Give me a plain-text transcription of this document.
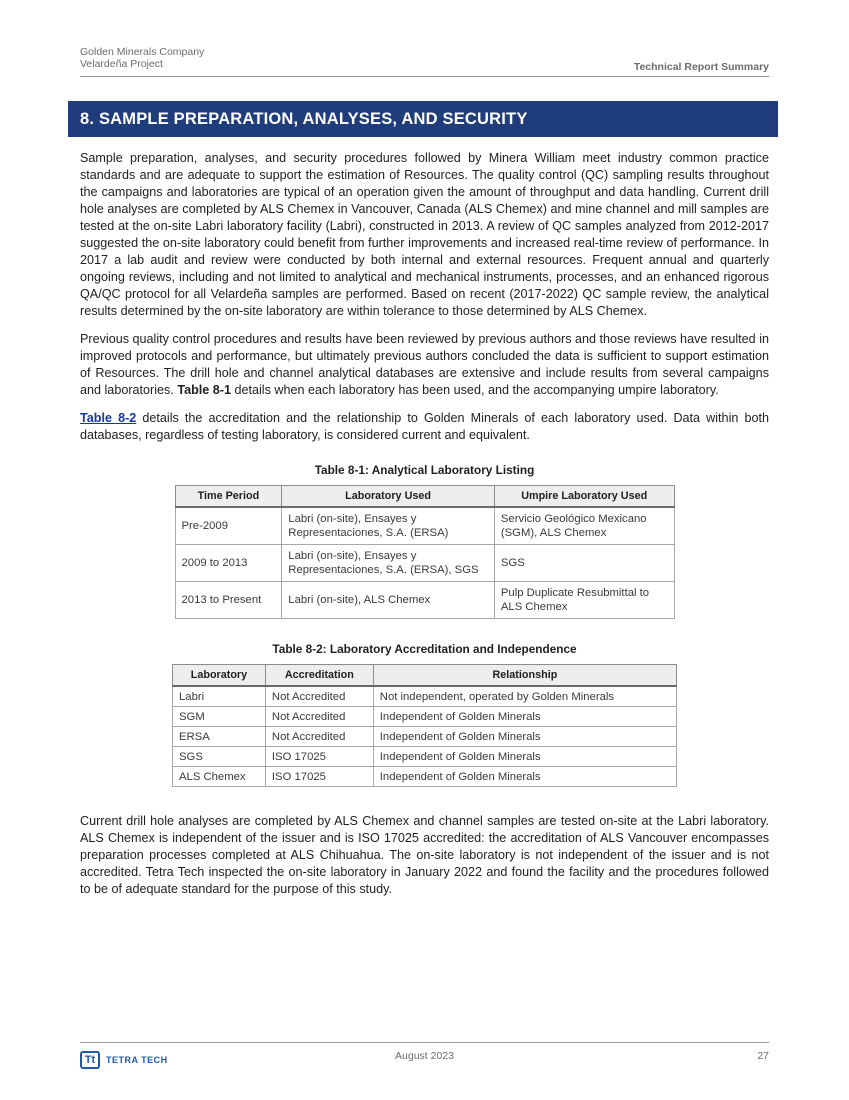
Golden Minerals Company
Velardeña Project	Technical Report Summary
8. SAMPLE PREPARATION, ANALYSES, AND SECURITY

Sample preparation, analyses, and security procedures followed by Minera William meet industry common practice standards and are adequate to support the estimation of Resources. The quality control (QC) sampling results throughout the campaigns and laboratories are typical of an operation given the amount of throughput and data handling. Current drill hole analyses are completed by ALS Chemex in Vancouver, Canada (ALS Chemex) and mine channel and mill samples are tested at the on-site Labri laboratory facility (Labri), constructed in 2013. A review of QC samples analyzed from 2012-2017 suggested the on-site laboratory could benefit from further improvements and increased real-time review of performance. In 2017 a lab audit and review were conducted by both internal and external resources. Frequent annual and quarterly ongoing reviews, including and not limited to analytical and mechanical instruments, processes, and an enhanced rigorous QA/QC protocol for all Velardeña samples are performed. Based on recent (2017-2022) QC sample review, the analytical results determined by the on-site laboratory are within tolerance to those determined by ALS Chemex.

Previous quality control procedures and results have been reviewed by previous authors and those reviews have resulted in improved protocols and performance, but ultimately previous authors concluded the data is sufficient to support estimation of Resources. The drill hole and channel analytical databases are extensive and include results from several campaigns and laboratories. Table 8-1 details when each laboratory has been used, and the accompanying umpire laboratory.

Table 8-2 details the accreditation and the relationship to Golden Minerals of each laboratory used. Data within both databases, regardless of testing laboratory, is considered current and equivalent.

Table 8-1: Analytical Laboratory Listing
Time Period	Laboratory Used	Umpire Laboratory Used
Pre-2009	Labri (on-site), Ensayes y Representaciones, S.A. (ERSA)	Servicio Geológico Mexicano (SGM), ALS Chemex
2009 to 2013	Labri (on-site), Ensayes y Representaciones, S.A. (ERSA), SGS	SGS
2013 to Present	Labri (on-site), ALS Chemex	Pulp Duplicate Resubmittal to ALS Chemex
Table 8-2: Laboratory Accreditation and Independence
Laboratory	Accreditation	Relationship
Labri	Not Accredited	Not independent, operated by Golden Minerals
SGM	Not Accredited	Independent of Golden Minerals
ERSA	Not Accredited	Independent of Golden Minerals
SGS	ISO 17025	Independent of Golden Minerals
ALS Chemex	ISO 17025	Independent of Golden Minerals

Current drill hole analyses are completed by ALS Chemex and channel samples are tested on-site at the Labri laboratory. ALS Chemex is independent of the issuer and is ISO 17025 accredited: the accreditation of ALS Vancouver encompasses preparation processes completed at ALS Chihuahua. The on-site laboratory is not independent of the issuer and is not accredited. Tetra Tech inspected the on-site laboratory in January 2022 and found the facility and the procedures followed to be of adequate standard for the purpose of this study.

Tt	TETRA TECH	August 2023	27
